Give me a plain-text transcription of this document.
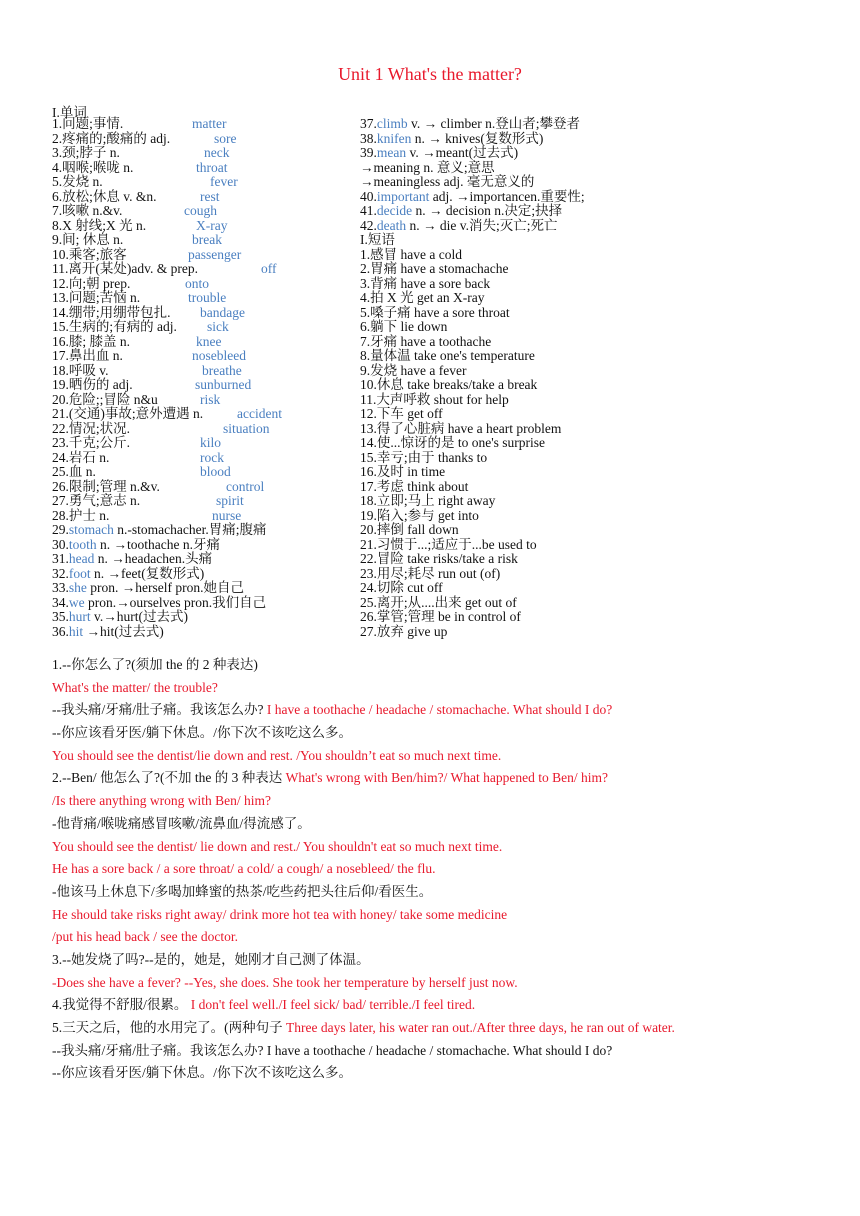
Unit 1 What's the matter?
I.单词
1.问题;事情.	matter
2.疼痛的;酸痛的 adj.	sore
3.颈;脖子 n.	neck
4.咽喉;喉咙 n.	throat
5.发烧 n.	fever
6.放松;休息 v. &n.	rest
7.咳嗽 n.&v.	cough
8.X 射线;X 光 n.	X-ray
9.间; 休息 n.	break
10.乘客;旅客	passenger
11.离开(某处)adv. & prep.	off
12.向;朝 prep.	onto
13.问题;苦恼 n.	trouble
14.绷带;用绷带包扎. bandage
15.生病的;有病的 adj. sick
16.膝; 膝盖 n.	knee
17.鼻出血 n.	nosebleed
18.呼吸 v.	breathe
19.晒伤的 adj.	sunburned
20.危险;;冒险 n&u	risk
21.(交通)事故;意外遭遇 n.	accident
22.情况;状况.	situation
23.千克;公斤.	kilo
24.岩石 n.	rock
25.血 n.	blood
26.限制;管理 n.&v.	control
27.勇气;意志 n.	spirit
28.护士 n.	nurse
29.stomach n.-stomachacher.胃痛;腹痛
30.tooth n. →toothache n.牙痛
31.head n. →headachen.头痛
32.foot n. →feet(复数形式)
33.she pron. →herself pron.她自己
34.we pron.→ourselves pron.我们自己
35.hurt v.→hurt(过去式)
36.hit →hit(过去式)
37.climb v. → climber n.登山者;攀登者
38.knifen n. → knives(复数形式)
39.mean v. →meant(过去式)
→meaning n. 意义;意思
→meaningless adj. 毫无意义的
40.important adj. →importancen.重要性;
41.decide n. → decision n.决定;抉择
42.death n. → die v.消失;灭亡;死亡
I.短语
1.感冒 have a cold
2.胃痛 have a stomachache
3.背痛 have a sore back
4.拍 X 光 get an X-ray
5.嗓子痛 have a sore throat
6.躺下 lie down
7.牙痛 have a toothache
8.量体温 take one's temperature
9.发烧 have a fever
10.休息 take breaks/take a break
11.大声呼救 shout for help
12.下车 get off
13.得了心脏病 have a heart problem
14.使...惊讶的是 to one's surprise
15.幸亏;由于 thanks to
16.及时 in time
17.考虑 think about
18.立即;马上 right away
19.陷入;参与 get into
20.摔倒 fall down
21.习惯于...;适应于...be used to
22.冒险 take risks/take a risk
23.用尽;耗尽 run out (of)
24.切除 cut off
25.离开;从....出来 get out of
26.掌管;管理 be in control of
27.放弃 give up
1.--你怎么了?(须加 the 的 2 种表达)
What's the matter/ the trouble?
--我头痛/牙痛/肚子痛。我该怎么办? I have a toothache / headache / stomachache. What should I do?
--你应该看牙医/躺下休息。/你下次不该吃这么多。
You should see the dentist/lie down and rest. /You shouldn’t eat so much next time.
2.--Ben/ 他怎么了?(不加 the 的 3 种表达 What's wrong with Ben/him?/ What happened to Ben/ him?
/Is there anything wrong with Ben/ him?
-他背痛/喉咙痛感冒咳嗽/流鼻血/得流感了。
You should see the dentist/ lie down and rest./ You shouldn't eat so much next time.
He has a sore back / a sore throat/ a cold/ a cough/ a nosebleed/ the flu.
-他该马上休息下/多喝加蜂蜜的热茶/吃些药把头往后仰/看医生。
He should take risks right away/ drink more hot tea with honey/ take some medicine
/put his head back / see the doctor.
3.--她发烧了吗?--是的，她是，她刚才自己测了体温。
-Does she have a fever? --Yes, she does. She took her temperature by herself just now.
4.我觉得不舒服/很累。 I don't feel well./I feel sick/ bad/ terrible./I feel tired.
5.三天之后，他的水用完了。(两种句子 Three days later, his water ran out./After three days, he ran out of water.
--我头痛/牙痛/肚子痛。我该怎么办? I have a toothache / headache / stomachache. What should I do?
--你应该看牙医/躺下休息。/你下次不该吃这么多。
